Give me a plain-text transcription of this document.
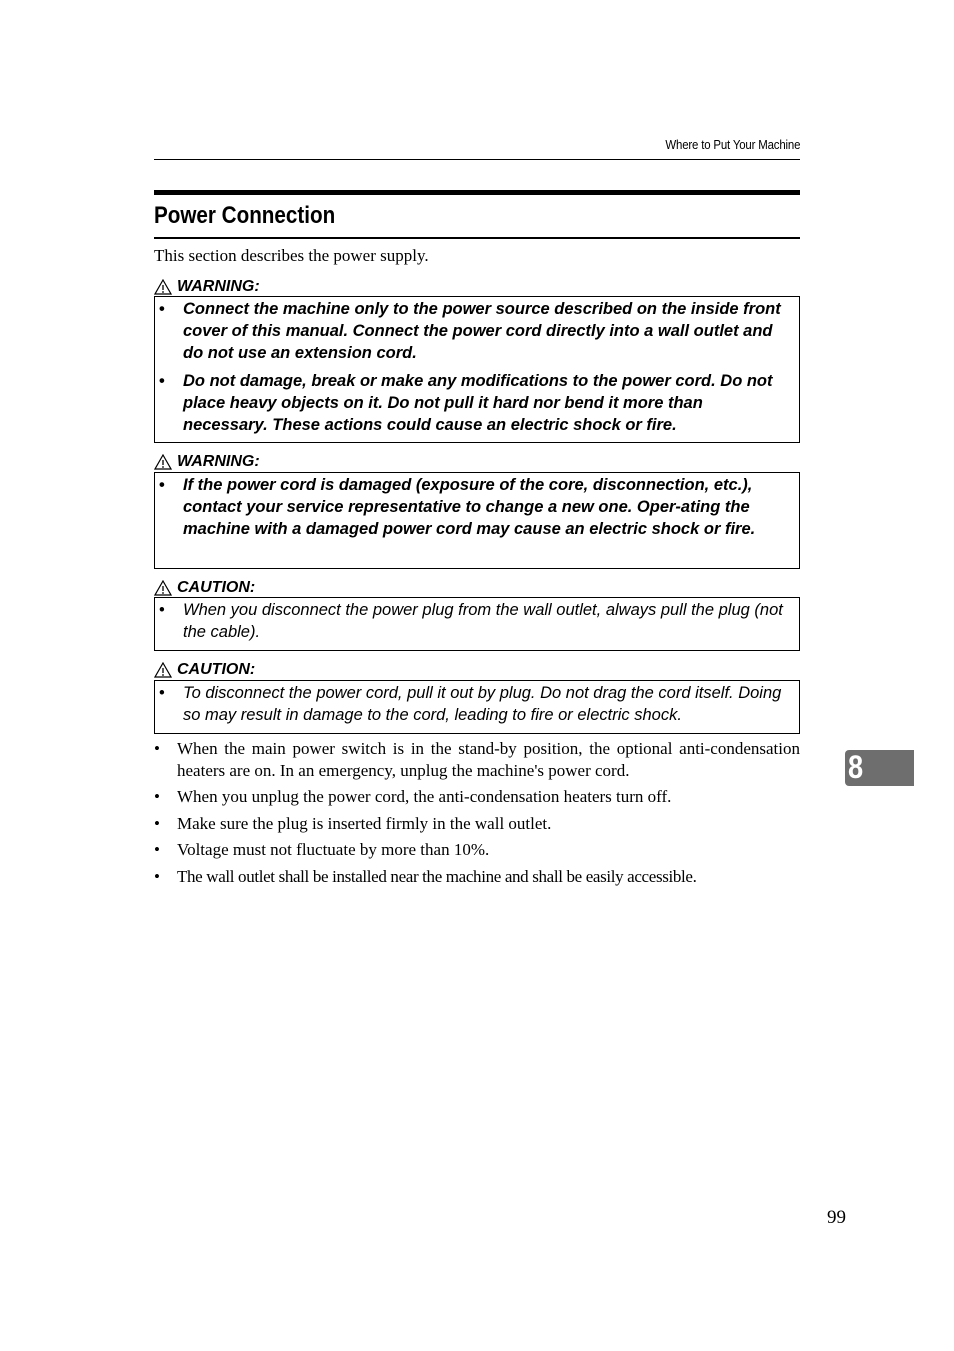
Where to Put Your Machine
Power Connection
This section describes the power supply.
WARNING:
•	Connect the machine only to the power source described on the inside front cover of this manual. Connect the power cord directly into a wall outlet and do not use an extension cord.
•	Do not damage, break or make any modifications to the power cord. Do not place heavy objects on it. Do not pull it hard nor bend it more than necessary. These actions could cause an electric shock or fire.
WARNING:
•	If the power cord is damaged (exposure of the core, disconnection, etc.), contact your service representative to change a new one. Oper-ating the machine with a damaged power cord may cause an electric shock or fire.
CAUTION:
•	When you disconnect the power plug from the wall outlet, always pull the plug (not the cable).
CAUTION:
•	To disconnect the power cord, pull it out by plug. Do not drag the cord itself. Doing so may result in damage to the cord, leading to fire or electric shock.
•	When the main power switch is in the stand-by position, the optional anti-condensation heaters are on. In an emergency, unplug the machine's power cord.
•	When you unplug the power cord, the anti-condensation heaters turn off.
•	Make sure the plug is inserted firmly in the wall outlet.
•	Voltage must not fluctuate by more than 10%.
•	The wall outlet shall be installed near the machine and shall be easily accessible.
8
99
